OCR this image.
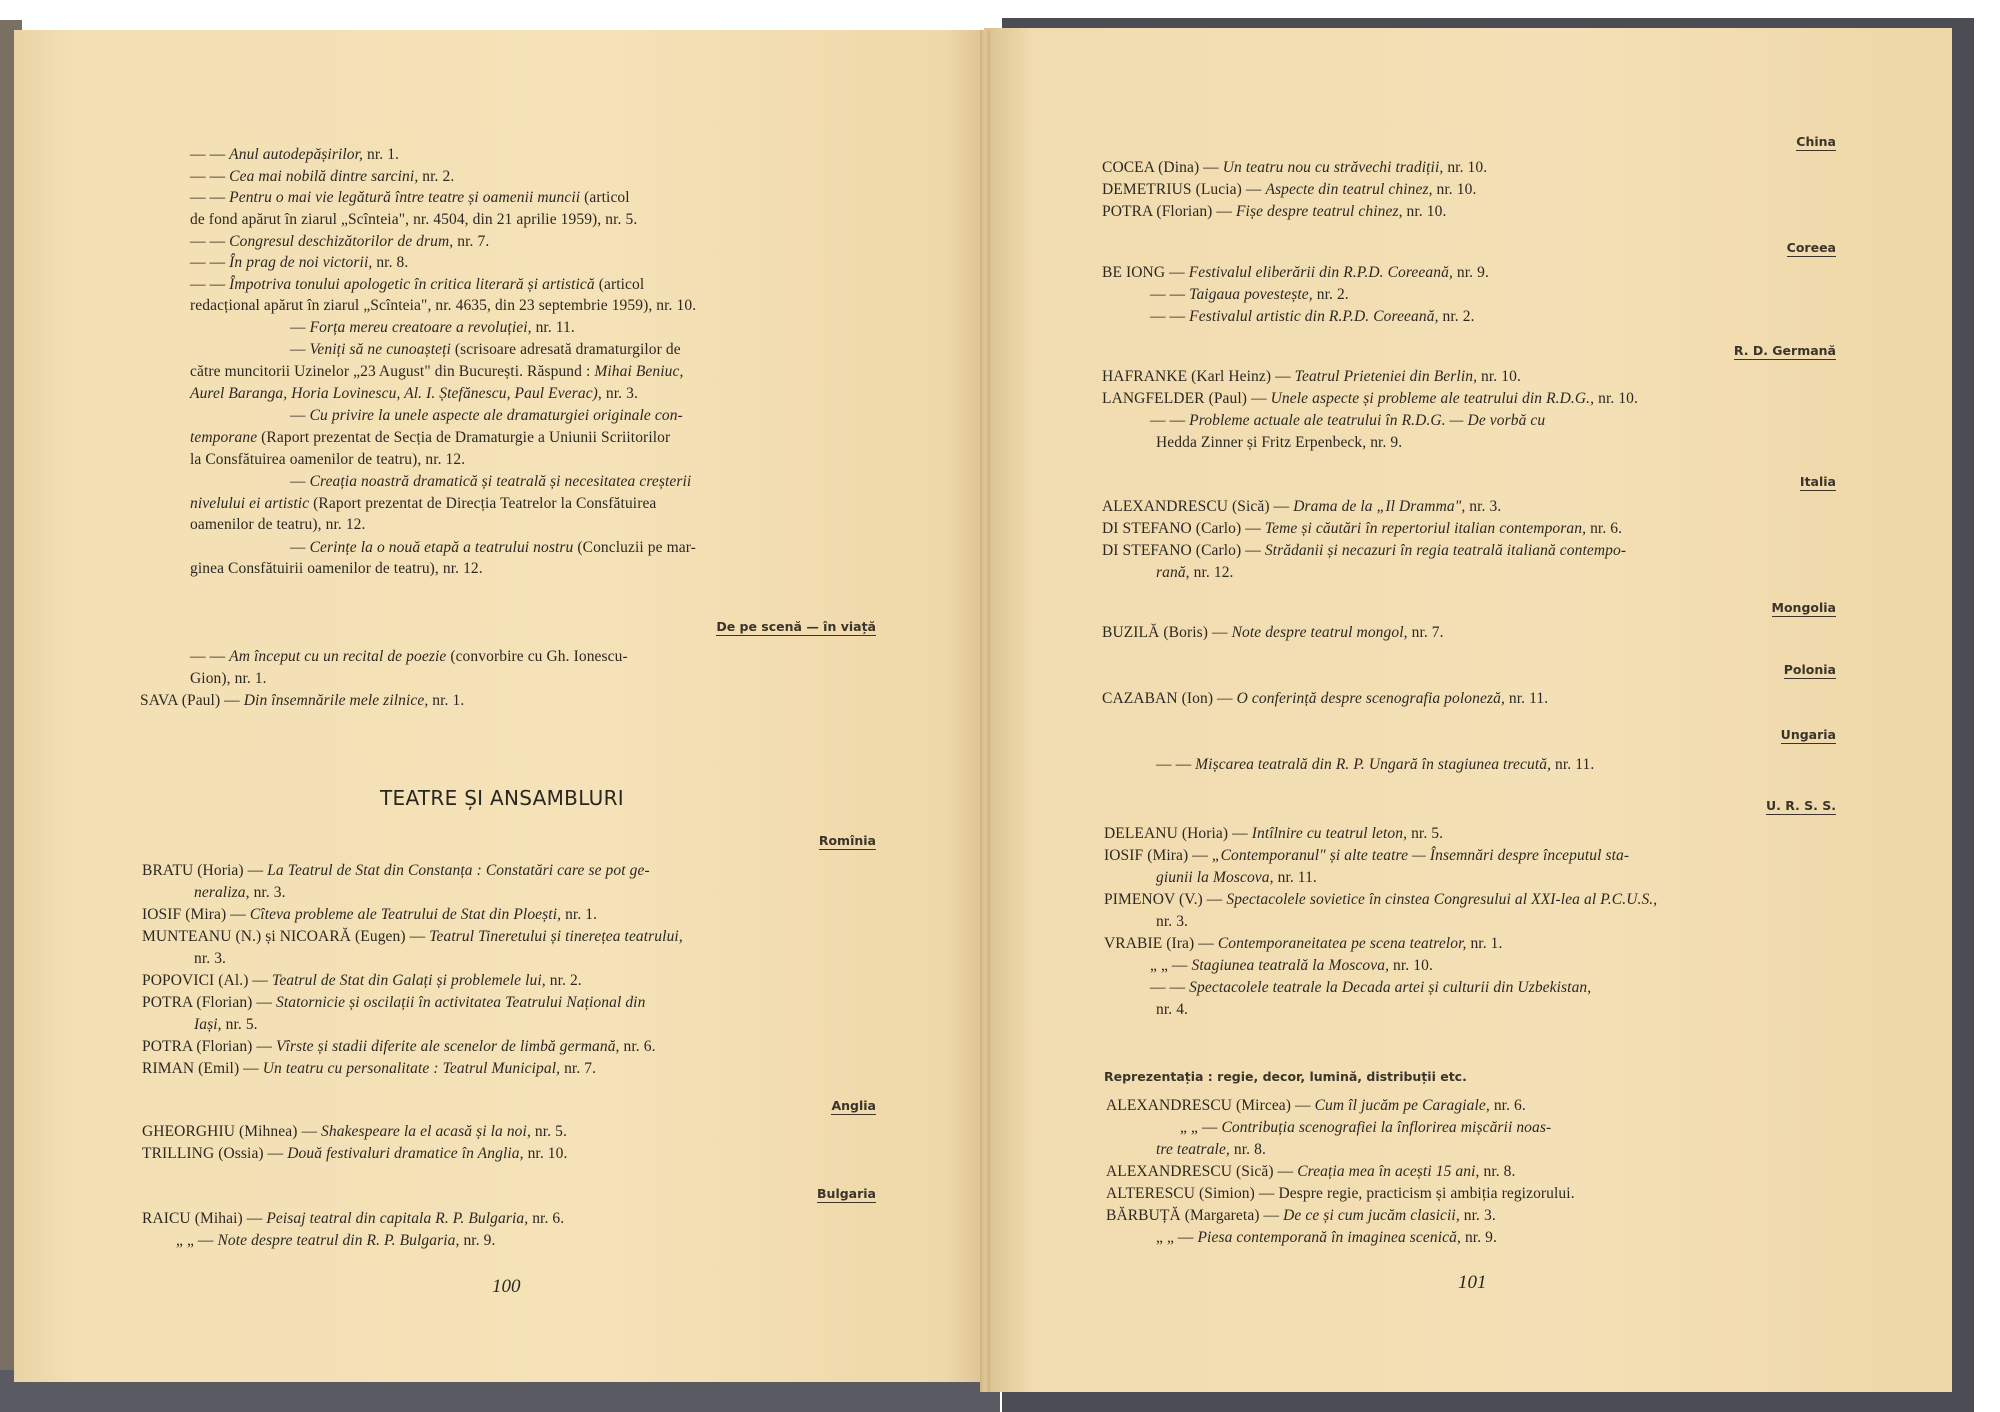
— — Anul autodepășirilor, nr. 1.
— — Cea mai nobilă dintre sarcini, nr. 2.
— — Pentru o mai vie legătură între teatre și oamenii muncii (articol
de fond apărut în ziarul „Scînteia", nr. 4504, din 21 aprilie 1959), nr. 5.
— — Congresul deschizătorilor de drum, nr. 7.
— — În prag de noi victorii, nr. 8.
— — Împotriva tonului apologetic în critica literară și artistică (articol
redacțional apărut în ziarul „Scînteia", nr. 4635, din 23 septembrie 1959), nr. 10.
— Forța mereu creatoare a revoluției, nr. 11.
— Veniți să ne cunoașteți (scrisoare adresată dramaturgilor de
către muncitorii Uzinelor „23 August" din București. Răspund : Mihai Beniuc,
Aurel Baranga, Horia Lovinescu, Al. I. Ștefănescu, Paul Everac), nr. 3.
— Cu privire la unele aspecte ale dramaturgiei originale con-
temporane (Raport prezentat de Secția de Dramaturgie a Uniunii Scriitorilor
la Consfătuirea oamenilor de teatru), nr. 12.
— Creația noastră dramatică și teatrală și necesitatea creșterii
nivelului ei artistic (Raport prezentat de Direcția Teatrelor la Consfătuirea
oamenilor de teatru), nr. 12.
— Cerințe la o nouă etapă a teatrului nostru (Concluzii pe mar-
ginea Consfătuirii oamenilor de teatru), nr. 12.
— — Am început cu un recital de poezie (convorbire cu Gh. Ionescu-
Gion), nr. 1.
SAVA (Paul) — Din însemnările mele zilnice, nr. 1.
BRATU (Horia) — La Teatrul de Stat din Constanța : Constatări care se pot ge-
neraliza, nr. 3.
IOSIF (Mira) — Cîteva probleme ale Teatrului de Stat din Ploești, nr. 1.
MUNTEANU (N.) și NICOARĂ (Eugen) — Teatrul Tineretului și tinerețea teatrului,
nr. 3.
POPOVICI (Al.) — Teatrul de Stat din Galați și problemele lui, nr. 2.
POTRA (Florian) — Statornicie și oscilații în activitatea Teatrului Național din
Iași, nr. 5.
POTRA (Florian) — Vîrste și stadii diferite ale scenelor de limbă germană, nr. 6.
RIMAN (Emil) — Un teatru cu personalitate : Teatrul Municipal, nr. 7.
GHEORGHIU (Mihnea) — Shakespeare la el acasă și la noi, nr. 5.
TRILLING (Ossia) — Două festivaluri dramatice în Anglia, nr. 10.
RAICU (Mihai) — Peisaj teatral din capitala R. P. Bulgaria, nr. 6.
„ „ — Note despre teatrul din R. P. Bulgaria, nr. 9.
COCEA (Dina) — Un teatru nou cu străvechi tradiții, nr. 10.
DEMETRIUS (Lucia) — Aspecte din teatrul chinez, nr. 10.
POTRA (Florian) — Fișe despre teatrul chinez, nr. 10.
BE IONG — Festivalul eliberării din R.P.D. Coreeană, nr. 9.
— — Taigaua povestește, nr. 2.
— — Festivalul artistic din R.P.D. Coreeană, nr. 2.
HAFRANKE (Karl Heinz) — Teatrul Prieteniei din Berlin, nr. 10.
LANGFELDER (Paul) — Unele aspecte și probleme ale teatrului din R.D.G., nr. 10.
— — Probleme actuale ale teatrului în R.D.G. — De vorbă cu
Hedda Zinner și Fritz Erpenbeck, nr. 9.
ALEXANDRESCU (Sică) — Drama de la „Il Dramma", nr. 3.
DI STEFANO (Carlo) — Teme și căutări în repertoriul italian contemporan, nr. 6.
DI STEFANO (Carlo) — Strădanii și necazuri în regia teatrală italiană contempo-
rană, nr. 12.
BUZILĂ (Boris) — Note despre teatrul mongol, nr. 7.
CAZABAN (Ion) — O conferință despre scenografia poloneză, nr. 11.
— — Mișcarea teatrală din R. P. Ungară în stagiunea trecută, nr. 11.
DELEANU (Horia) — Intîlnire cu teatrul leton, nr. 5.
IOSIF (Mira) — „Contemporanul" și alte teatre — Însemnări despre începutul sta-
giunii la Moscova, nr. 11.
PIMENOV (V.) — Spectacolele sovietice în cinstea Congresului al XXI-lea al P.C.U.S.,
nr. 3.
VRABIE (Ira) — Contemporaneitatea pe scena teatrelor, nr. 1.
„ „ — Stagiunea teatrală la Moscova, nr. 10.
— — Spectacolele teatrale la Decada artei și culturii din Uzbekistan,
nr. 4.
ALEXANDRESCU (Mircea) — Cum îl jucăm pe Caragiale, nr. 6.
„ „ — Contribuția scenografiei la înflorirea mișcării noas-
tre teatrale, nr. 8.
ALEXANDRESCU (Sică) — Creația mea în acești 15 ani, nr. 8.
ALTERESCU (Simion) — Despre regie, practicism și ambiția regizorului.
BĂRBUȚĂ (Margareta) — De ce și cum jucăm clasicii, nr. 3.
„ „ — Piesa contemporană în imaginea scenică, nr. 9.
100	101
TEATRE ȘI ANSAMBLURI
De pe scenă — în viață
Romînia
Anglia
Bulgaria
China
Coreea
R. D. Germană
Italia
Mongolia
Polonia
Ungaria
U. R. S. S.
Reprezentația : regie, decor, lumină, distribuții etc.
